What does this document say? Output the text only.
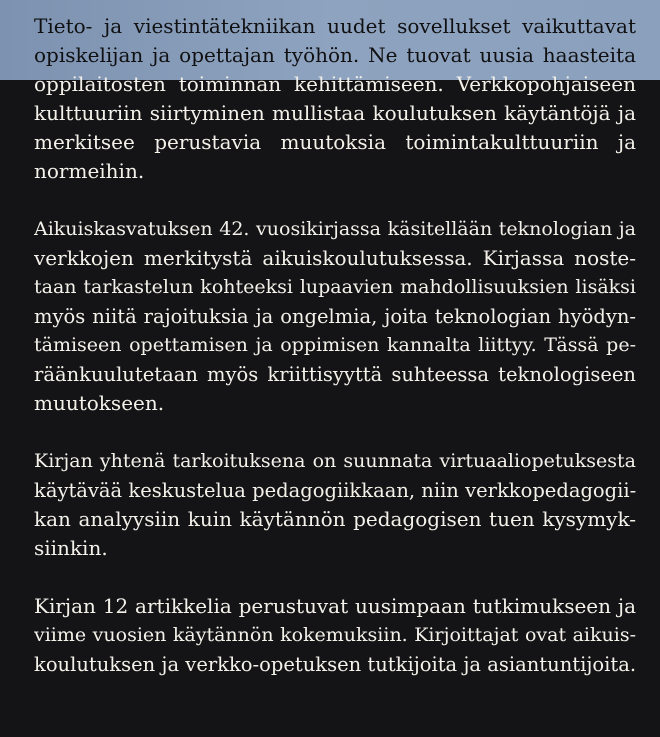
Tieto- ja viestintätekniikan uudet sovellukset vaikuttavat
opiskelijan ja opettajan työhön. Ne tuovat uusia haasteita
oppilaitosten toiminnan kehittämiseen. Verkkopohjaiseen
kulttuuriin siirtyminen mullistaa koulutuksen käytäntöjä ja
merkitsee perustavia muutoksia toimintakulttuuriin ja
normeihin.
Aikuiskasvatuksen 42. vuosikirjassa käsitellään teknologian ja
verkkojen merkitystä aikuiskoulutuksessa. Kirjassa noste-
taan tarkastelun kohteeksi lupaavien mahdollisuuksien lisäksi
myös niitä rajoituksia ja ongelmia, joita teknologian hyödyn-
tämiseen opettamisen ja oppimisen kannalta liittyy. Tässä pe-
räänkuulutetaan myös kriittisyyttä suhteessa teknologiseen
muutokseen.
Kirjan yhtenä tarkoituksena on suunnata virtuaaliopetuksesta
käytävää keskustelua pedagogiikkaan, niin verkkopedagogii-
kan analyysiin kuin käytännön pedagogisen tuen kysymyk-
siinkin.
Kirjan 12 artikkelia perustuvat uusimpaan tutkimukseen ja
viime vuosien käytännön kokemuksiin. Kirjoittajat ovat aikuis-
koulutuksen ja verkko-opetuksen tutkijoita ja asiantuntijoita.
